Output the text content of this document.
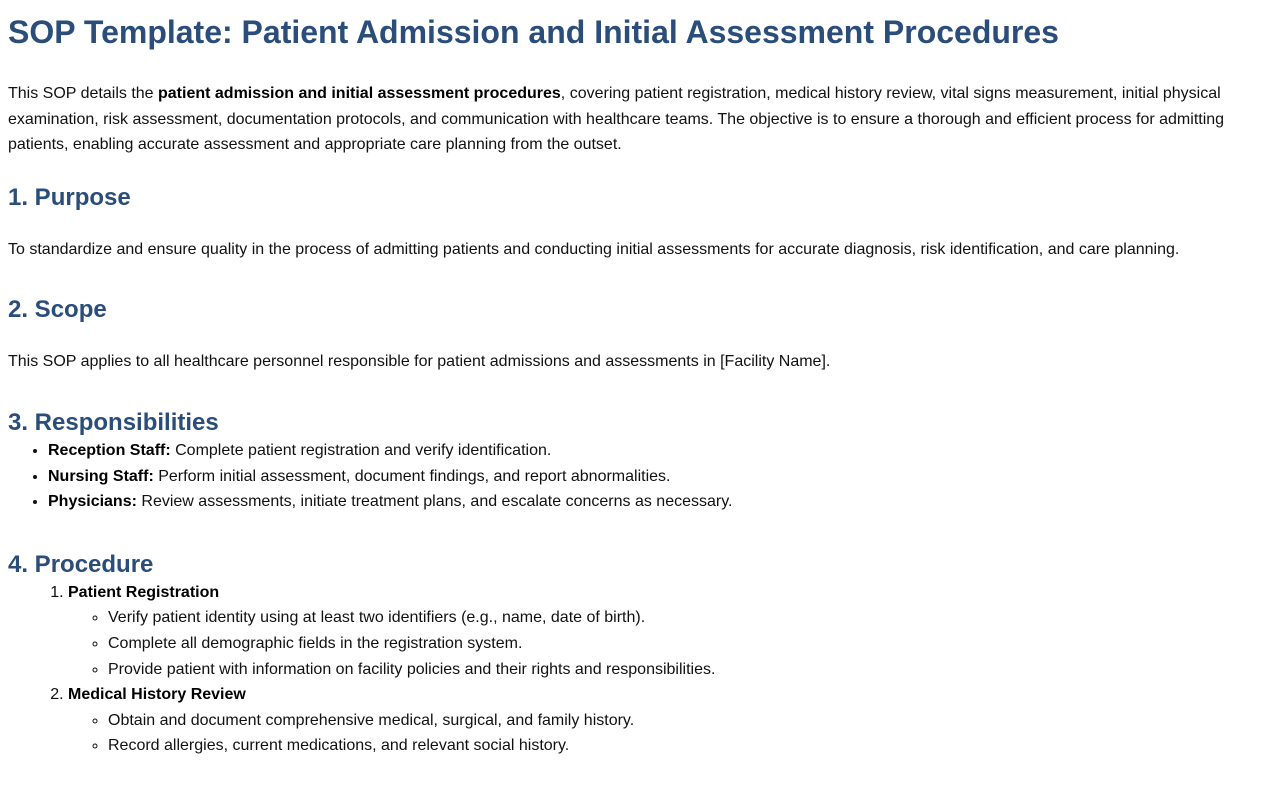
SOP Template: Patient Admission and Initial Assessment Procedures

This SOP details the patient admission and initial assessment procedures, covering patient registration, medical history review, vital signs measurement, initial physical examination, risk assessment, documentation protocols, and communication with healthcare teams. The objective is to ensure a thorough and efficient process for admitting patients, enabling accurate assessment and appropriate care planning from the outset.

1. Purpose

To standardize and ensure quality in the process of admitting patients and conducting initial assessments for accurate diagnosis, risk identification, and care planning.

2. Scope

This SOP applies to all healthcare personnel responsible for patient admissions and assessments in [Facility Name].

3. Responsibilities
• Reception Staff: Complete patient registration and verify identification.
• Nursing Staff: Perform initial assessment, document findings, and report abnormalities.
• Physicians: Review assessments, initiate treatment plans, and escalate concerns as necessary.
4. Procedure
1. Patient Registration
◦ Verify patient identity using at least two identifiers (e.g., name, date of birth).
◦ Complete all demographic fields in the registration system.
◦ Provide patient with information on facility policies and their rights and responsibilities.
2. Medical History Review
◦ Obtain and document comprehensive medical, surgical, and family history.
◦ Record allergies, current medications, and relevant social history.
